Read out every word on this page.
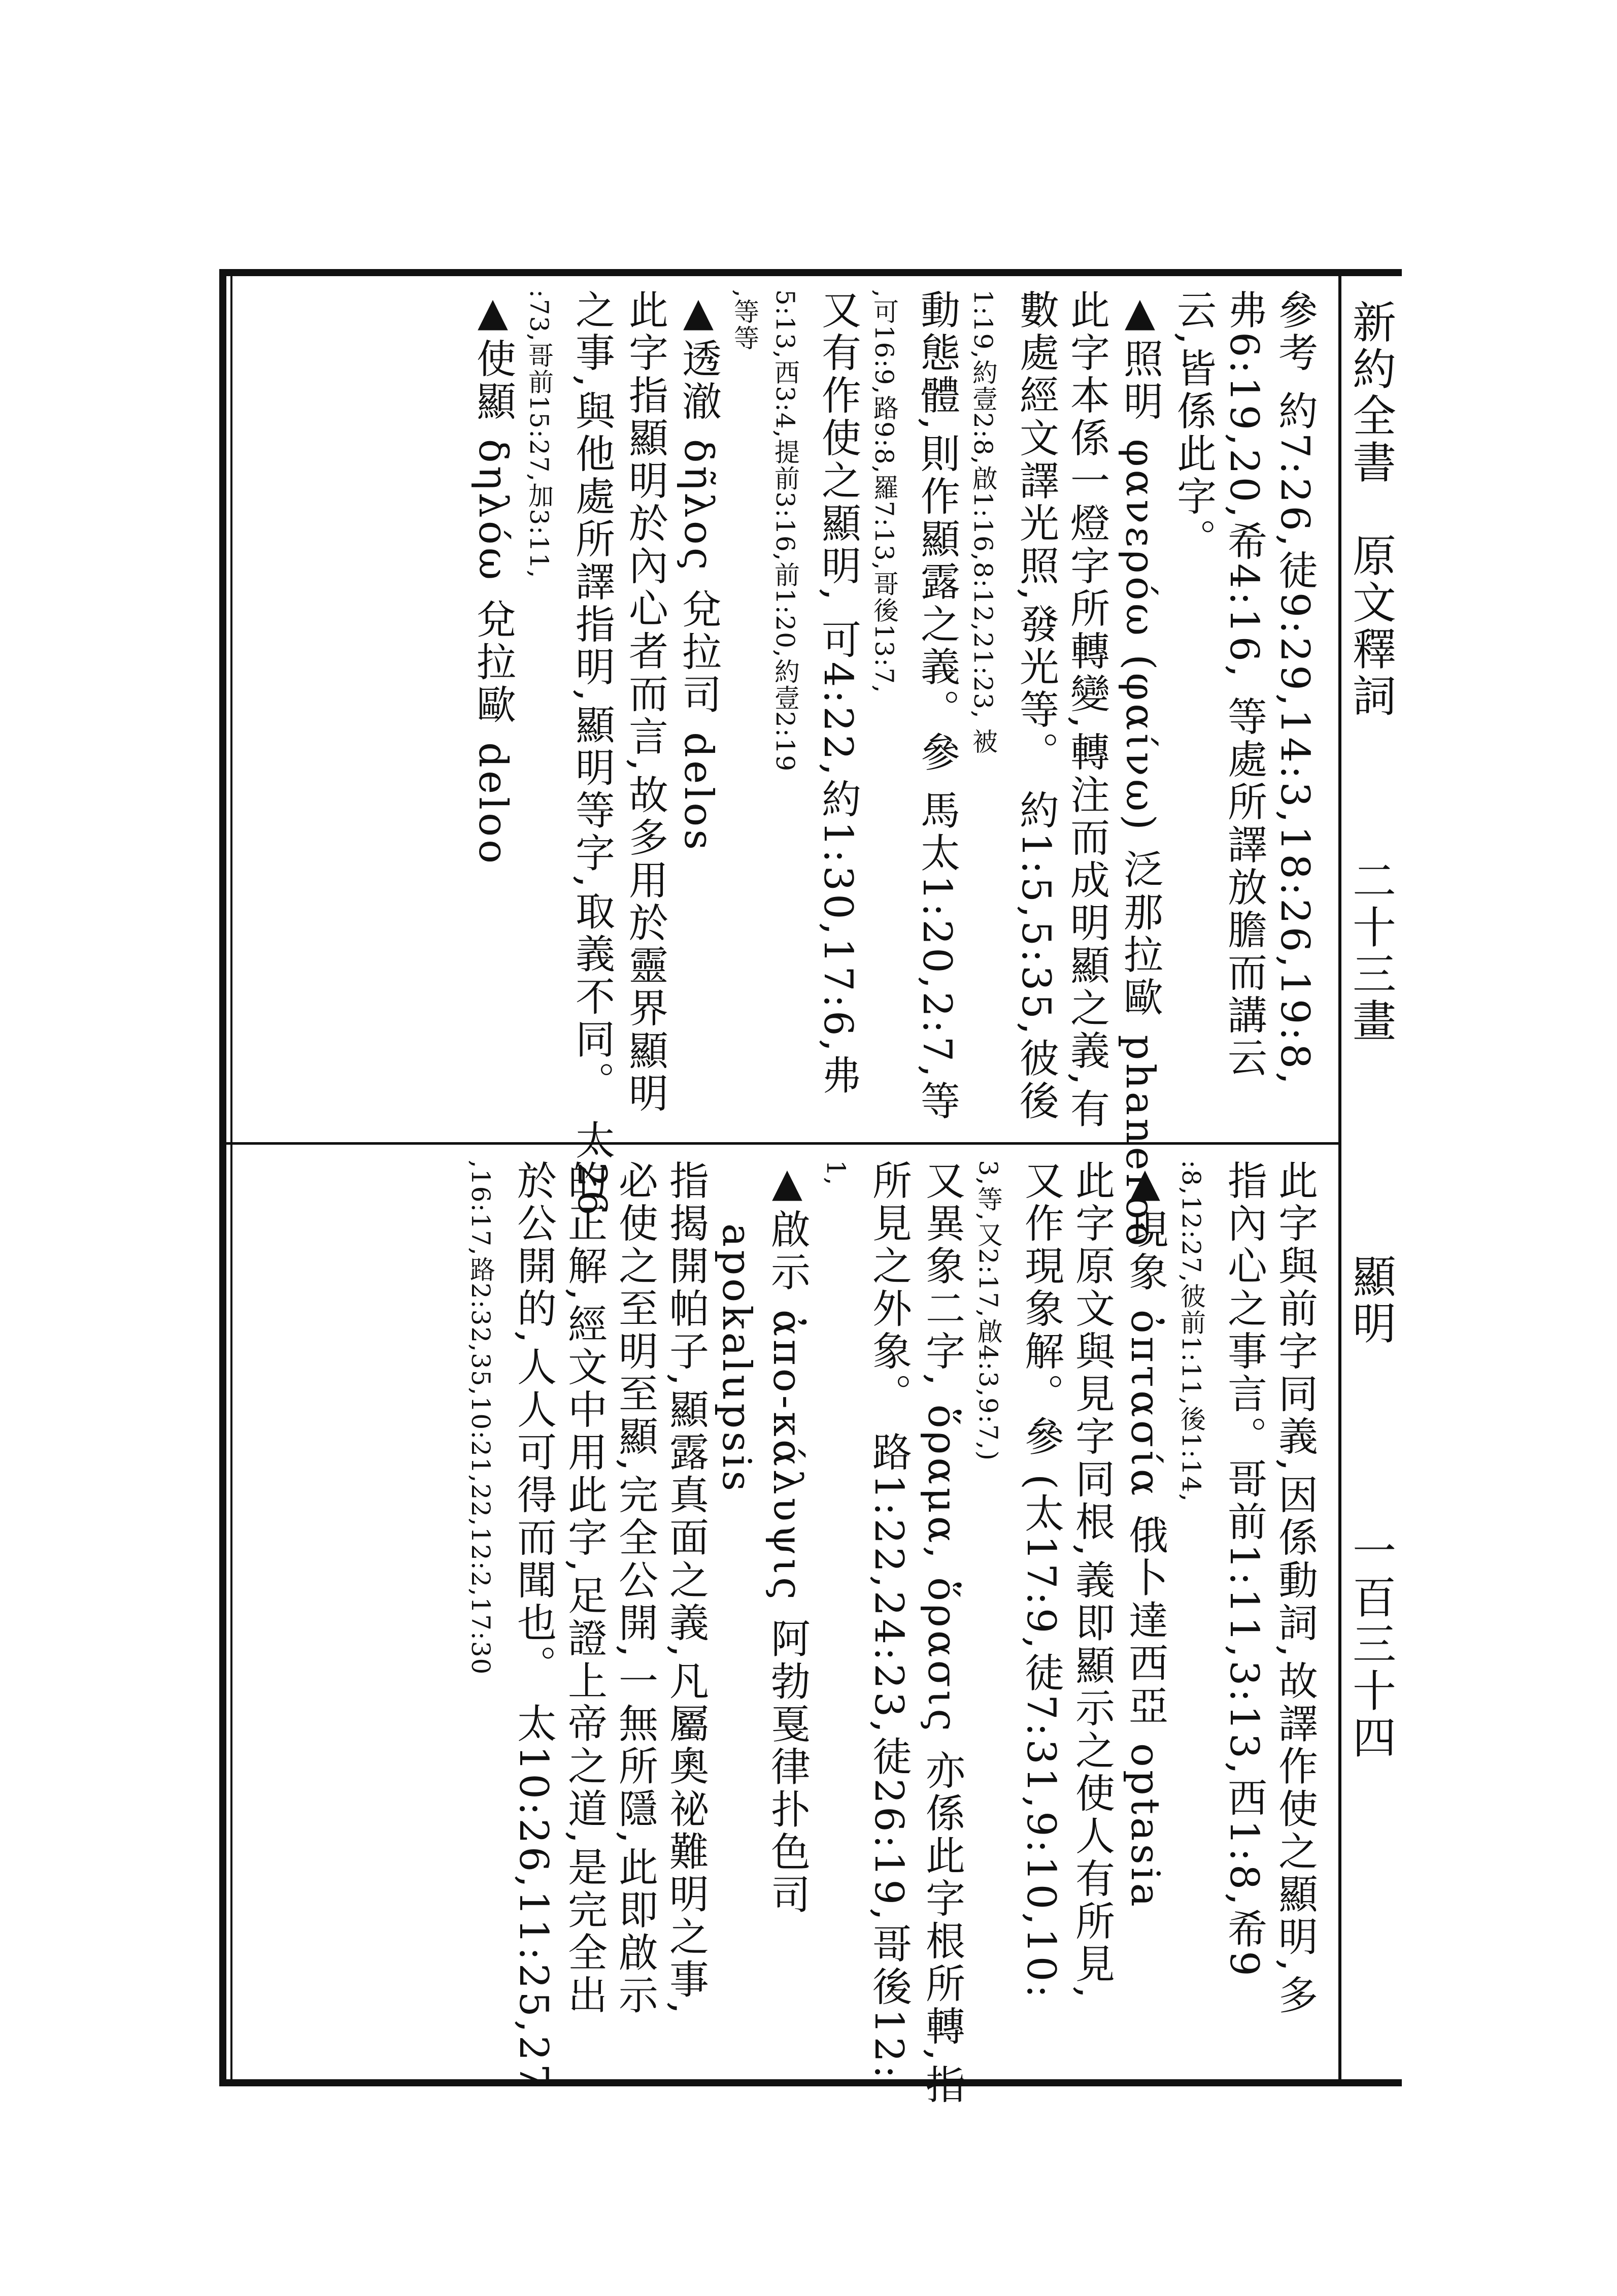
新約全書
原文釋詞
二十三畫
顯明
一百三十四
參考 約7:26,徒9:29,14:3,18:26,19:8,
弗6:19,20,希4:16, 等處所譯放膽而講云
云,皆係此字。
▲照明 φανερόω (φαίνω) 泛那拉歐 phaneroo
此字本係一燈字所轉變,轉注而成明顯之義,有
數處經文譯光照,發光等。 約1:5,5:35,彼後
1:19,約壹2:8,啟1:16,8:12,21:23, 被
動態體,則作顯露之義。參 馬太1:20,2:7,等
,可16:9,路9:8,羅7:13,哥後13:7,
又有作使之顯明, 可4:22,約1:30,17:6,弗
5:13,西3:4,提前3:16,前1:20,約壹2:19
,等等
▲透澈 δῆλος 兌拉司 delos
此字指顯明於內心者而言,故多用於靈界顯明
之事,與他處所譯指明,顯明等字,取義不同。 太26
:73,哥前15:27,加3:11,
▲使顯 δηλόω 兌拉歐 deloo
此字與前字同義,因係動詞,故譯作使之顯明,多
指內心之事言。哥前1:11,3:13,西1:8,希9
:8,12:27,彼前1:11,後1:14,
▲現象 ὀπτασία 俄卜達西亞 optasia
此字原文與見字同根,義即顯示之使人有所見,
又作現象解。參 (太17:9,徒7:31,9:10,10:
3,等,又2:17,啟4:3,9:7,)
又異象二字, ὅραμα, ὅρασις 亦係此字根所轉,指
所見之外象。 路1:22,24:23,徒26:19,哥後12:
1,
▲啟示 ἀπο-κάλυψις 阿勃戛律扑色司
apokalupsis
指揭開帕子,顯露真面之義,凡屬奧祕難明之事,
必使之至明至顯,完全公開,一無所隱,此即啟示
的正解,經文中用此字,足證上帝之道,是完全出
於公開的,人人可得而聞也。 太10:26,11:25,27
,16:17,路2:32,35,10:21,22,12:2,17:30
